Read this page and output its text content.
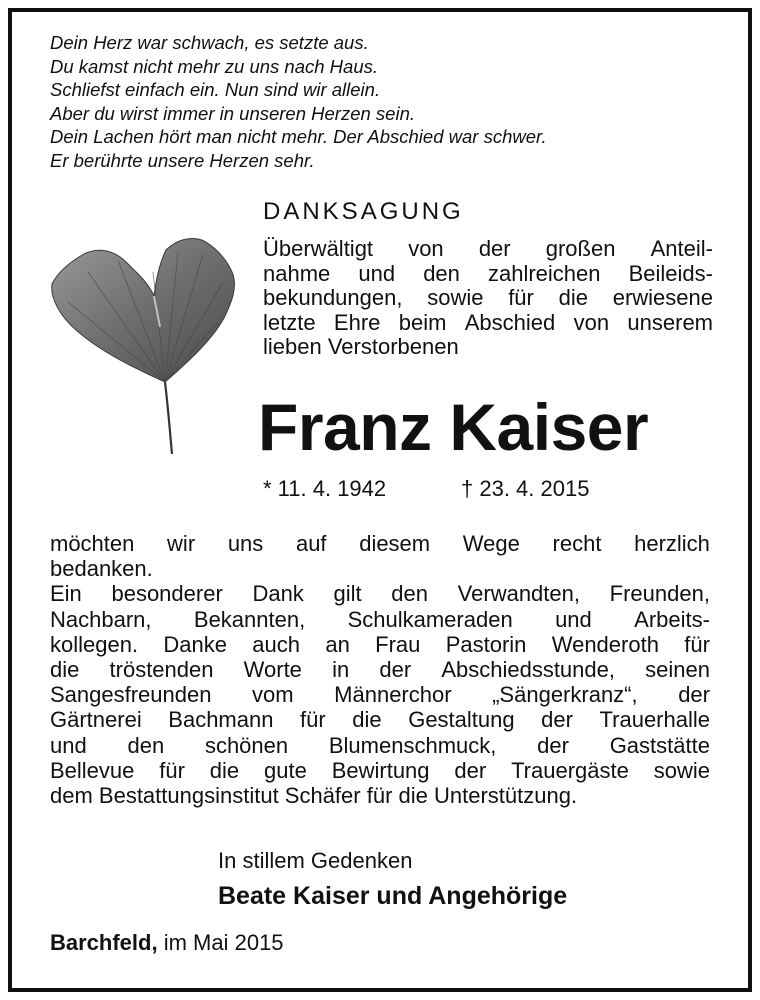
Dein Herz war schwach, es setzte aus.
Du kamst nicht mehr zu uns nach Haus.
Schliefst einfach ein. Nun sind wir allein.
Aber du wirst immer in unseren Herzen sein.
Dein Lachen hört man nicht mehr. Der Abschied war schwer.
Er berührte unsere Herzen sehr.
DANKSAGUNG
Überwältigt von der großen Anteil-
nahme und den zahlreichen Beileids-
bekundungen, sowie für die erwiesene
letzte Ehre beim Abschied von unserem
lieben Verstorbenen
Franz Kaiser
* 11. 4. 1942	† 23. 4. 2015
möchten wir uns auf diesem Wege recht herzlich
bedanken.
Ein besonderer Dank gilt den Verwandten, Freunden,
Nachbarn, Bekannten, Schulkameraden und Arbeits-
kollegen. Danke auch an Frau Pastorin Wenderoth für
die tröstenden Worte in der Abschiedsstunde, seinen
Sangesfreunden vom Männerchor „Sängerkranz“, der
Gärtnerei Bachmann für die Gestaltung der Trauerhalle
und den schönen Blumenschmuck, der Gaststätte
Bellevue für die gute Bewirtung der Trauergäste sowie
dem Bestattungsinstitut Schäfer für die Unterstützung.
In stillem Gedenken
Beate Kaiser und Angehörige
Barchfeld, im Mai 2015
